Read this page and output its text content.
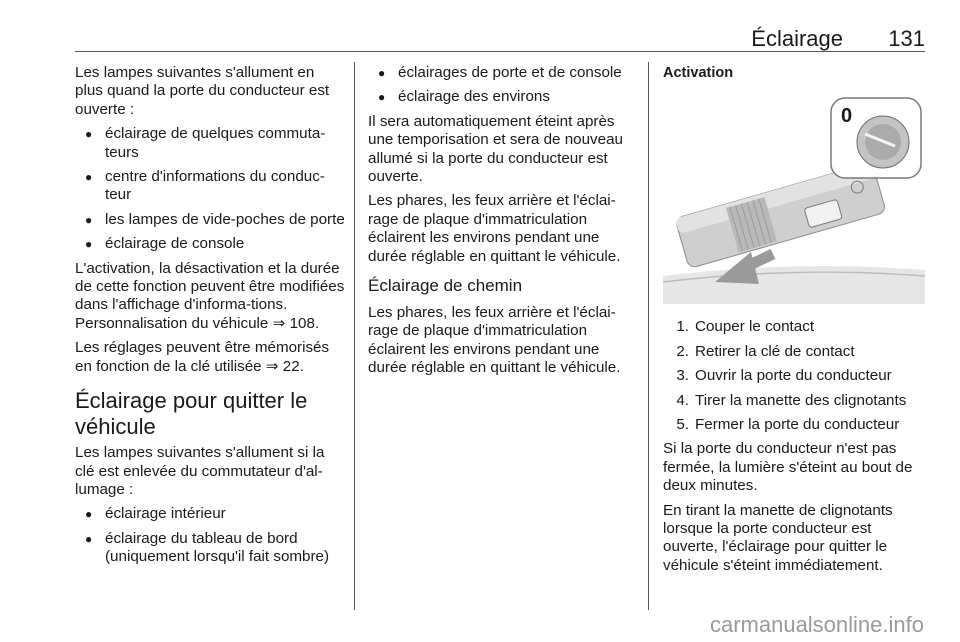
Éclairage 131

Les lampes suivantes s'allument en plus quand la porte du conducteur est ouverte :

● éclairage de quelques commuta-teurs
● centre d'informations du conduc-teur
● les lampes de vide-poches de porte
● éclairage de console

L'activation, la désactivation et la durée de cette fonction peuvent être modifiées dans l'affichage d'informa-tions. Personnalisation du véhicule ⇒ 108.

Les réglages peuvent être mémorisés en fonction de la clé utilisée ⇒ 22.

Éclairage pour quitter le véhicule

Les lampes suivantes s'allument si la clé est enlevée du commutateur d'al-lumage :

● éclairage intérieur
● éclairage du tableau de bord (uniquement lorsqu'il fait sombre)
● éclairages de porte et de console
● éclairage des environs

Il sera automatiquement éteint après une temporisation et sera de nouveau allumé si la porte du conducteur est ouverte.

Les phares, les feux arrière et l'éclai-rage de plaque d'immatriculation éclairent les environs pendant une durée réglable en quittant le véhicule.

Éclairage de chemin

Les phares, les feux arrière et l'éclai-rage de plaque d'immatriculation éclairent les environs pendant une durée réglable en quittant le véhicule.

Activation
0
1. Couper le contact
2. Retirer la clé de contact
3. Ouvrir la porte du conducteur
4. Tirer la manette des clignotants
5. Fermer la porte du conducteur

Si la porte du conducteur n'est pas fermée, la lumière s'éteint au bout de deux minutes.

En tirant la manette de clignotants lorsque la porte conducteur est ouverte, l'éclairage pour quitter le véhicule s'éteint immédiatement.

carmanualsonline.info
